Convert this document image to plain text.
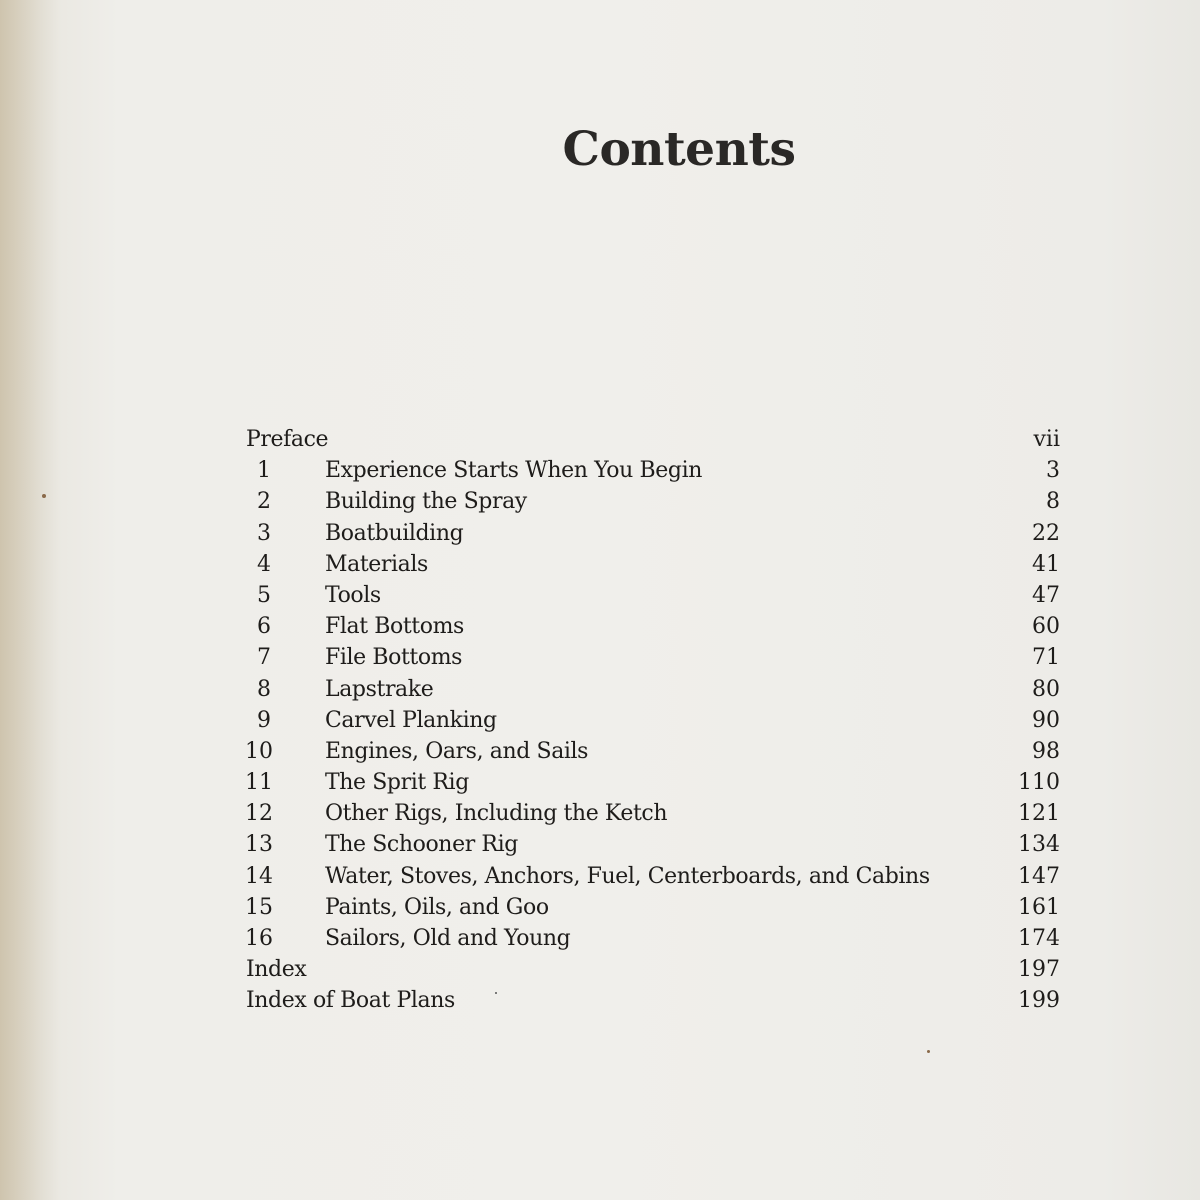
Contents
Preface	vii
1 Experience Starts When You Begin	3
2 Building the Spray	8
3 Boatbuilding	22
4 Materials	41
5 Tools	47
6 Flat Bottoms	60
7 File Bottoms	71
8 Lapstrake	80
9 Carvel Planking	90
10 Engines, Oars, and Sails	98
11 The Sprit Rig	110
12 Other Rigs, Including the Ketch	121
13 The Schooner Rig	134
14 Water, Stoves, Anchors, Fuel, Centerboards, and Cabins	147
15 Paints, Oils, and Goo	161
16 Sailors, Old and Young	174
Index	197
Index of Boat Plans	199
